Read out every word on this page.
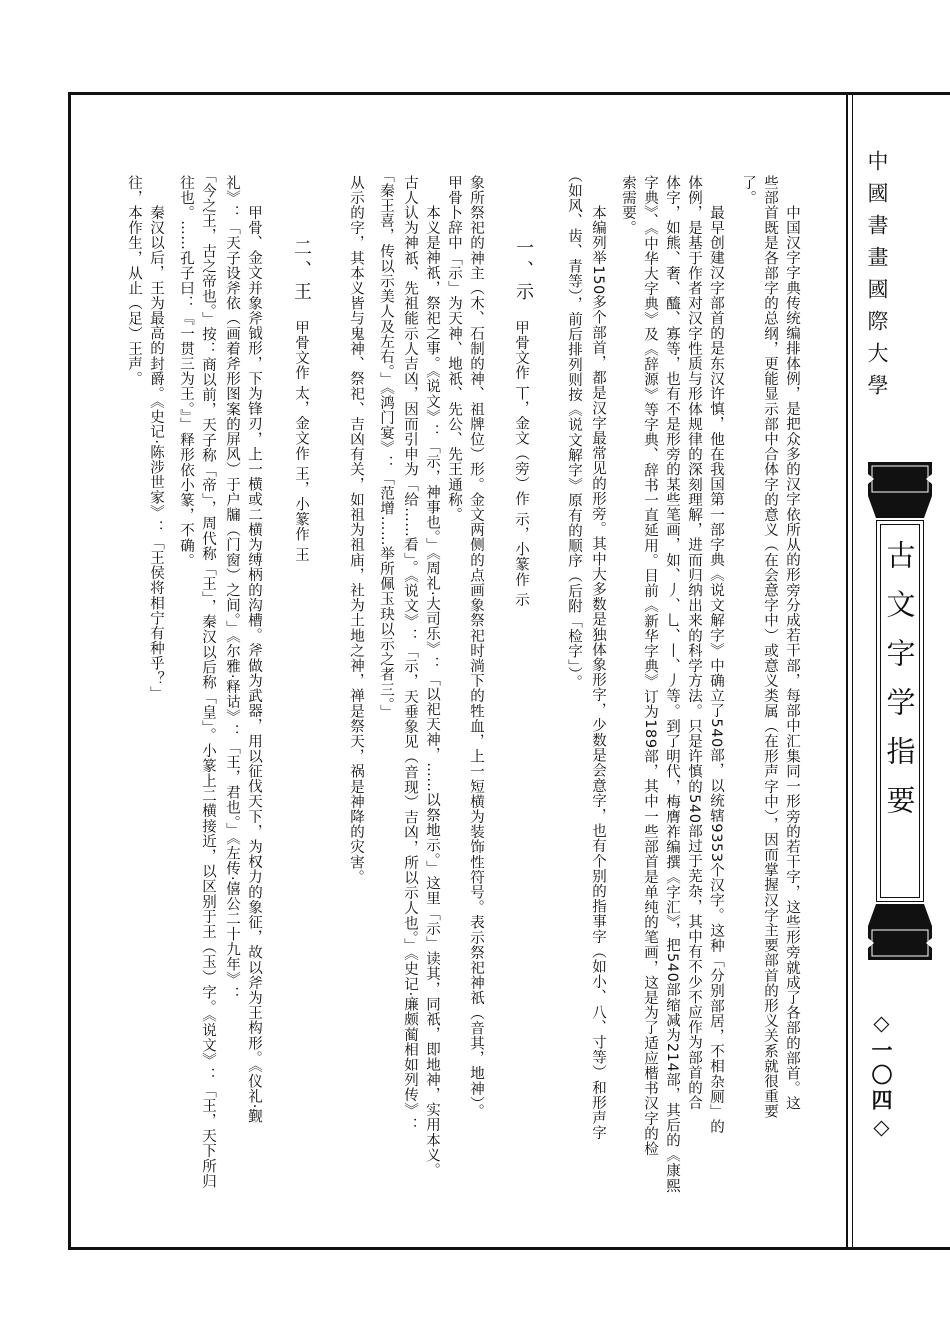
中国汉字字典传统编排体例，是把众多的汉字依所从的形旁分成若干部，每部中汇集同一形旁的若干字，这些形旁就成了各部的部首。这
些部首既是各部字的总纲，更能显示部中合体字的意义（在会意字中）或意义类属（在形声字中），因而掌握汉字主要部首的形义关系就很重要
了。
最早创建汉字部首的是东汉许慎，他在我国第一部字典《说文解字》中确立了540部，以统辖9353个汉字。这种「分别部居，不相杂厕」的
体例，是基于作者对汉字性质与形体规律的深刻理解，进而归纳出来的科学方法。只是许慎的540部过于芜杂，其中有不少不应作为部首的合
体字，如熊、奢、醯、寡等，也有不是形旁的某些笔画，如、丿、乚、丨、丿等。到了明代，梅膺祚编撰《字汇》，把540部缩减为214部，其后的《康熙
字典》、《中华大字典》及《辞源》等字典、辞书一直延用。目前《新华字典》订为189部，其中一些部首是单纯的笔画，这是为了适应楷书汉字的检
索需要。
本编列举150多个部首，都是汉字最常见的形旁。其中大多数是独体象形字，少数是会意字，也有个别的指事字（如小、八、寸等）和形声字
（如风、齿、青等），前后排列则按《说文解字》原有的顺序（后附「检字」）。
一、示
甲骨文作 丅，金文（旁）作 示，小篆作 示
象所祭祀的神主（木、石制的神、祖牌位）形。金文两侧的点画象祭祀时淌下的牲血，上一短横为装饰性符号。表示祭祀神祇（音其，地神）。
甲骨卜辞中「示」为天神、地祇、先公、先王通称。
本义是神祇，祭祀之事。《说文》：「示，神事也。」《周礼·大司乐》：「以祀天神，……以祭地示。」这里「示」读其，同祇，即地神，实用本义。
古人认为神祇、先祖能示人吉凶，因而引申为「给……看」。《说文》：「示，天垂象见（音现）吉凶，所以示人也。」《史记·廉颇蔺相如列传》：
「秦王喜，传以示美人及左右。」《鸿门宴》：「范增……举所佩玉玦以示之者三。」
从示的字，其本义皆与鬼神、祭祀、吉凶有关，如祖为祖庙，社为土地之神，禅是祭天，祸是神降的灾害。
二、王
甲骨文作 太，金文作 王，小篆作 王
甲骨、金文并象斧钺形，下为锋刃，上一横或二横为缚柄的沟槽。斧做为武器，用以征伐天下，为权力的象征，故以斧为王构形。《仪礼·觐
礼》：「天子设斧依（画着斧形图案的屏风）于户牖（门窗）之间。」《尔雅·释诂》：「王，君也。」《左传·僖公二十九年》：
「今之王，古之帝也。」按：商以前，天子称「帝」，周代称「王」，秦汉以后称「皇」。小篆上二横接近，以区别于王（玉）字。《说文》：「王，天下所归
往也。……孔子曰：『一贯三为王。』」释形依小篆，不确。
秦汉以后，王为最高的封爵。《史记·陈涉世家》：「王侯将相宁有种乎？」
往，本作生，从止（足）王声。	中國書畫國際大學
古文字学指要
◇一〇四◇
